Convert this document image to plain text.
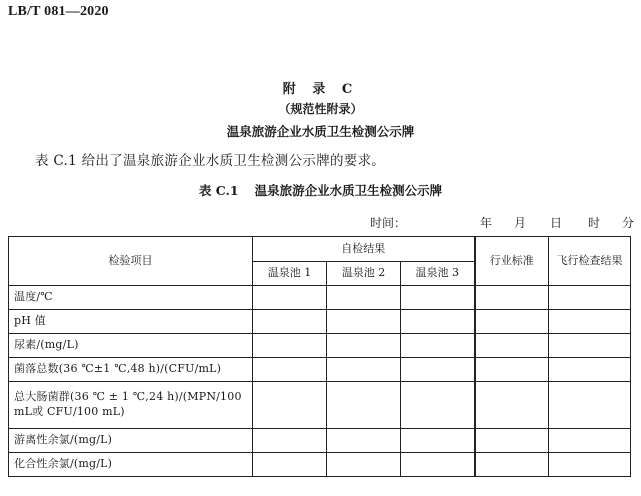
LB/T 081—2020
附 录 C
（规范性附录）
温泉旅游企业水质卫生检测公示牌
表 C.1 给出了温泉旅游企业水质卫生检测公示牌的要求。
表 C.1 温泉旅游企业水质卫生检测公示牌
时间：	年 月 日 时 分
检验项目	自检结果			行业标准	飞行检查结果
	温泉池 1	温泉池 2	温泉池 3		
温度/℃					
pH 值					
尿素/(mg/L)					
菌落总数(36 ℃±1 ℃,48 h)/(CFU/mL)					
总大肠菌群(36 ℃ ± 1 ℃,24 h)/(MPN/100 mL或 CFU/100 mL)					
游离性余氯/(mg/L)					
化合性余氯/(mg/L)					
